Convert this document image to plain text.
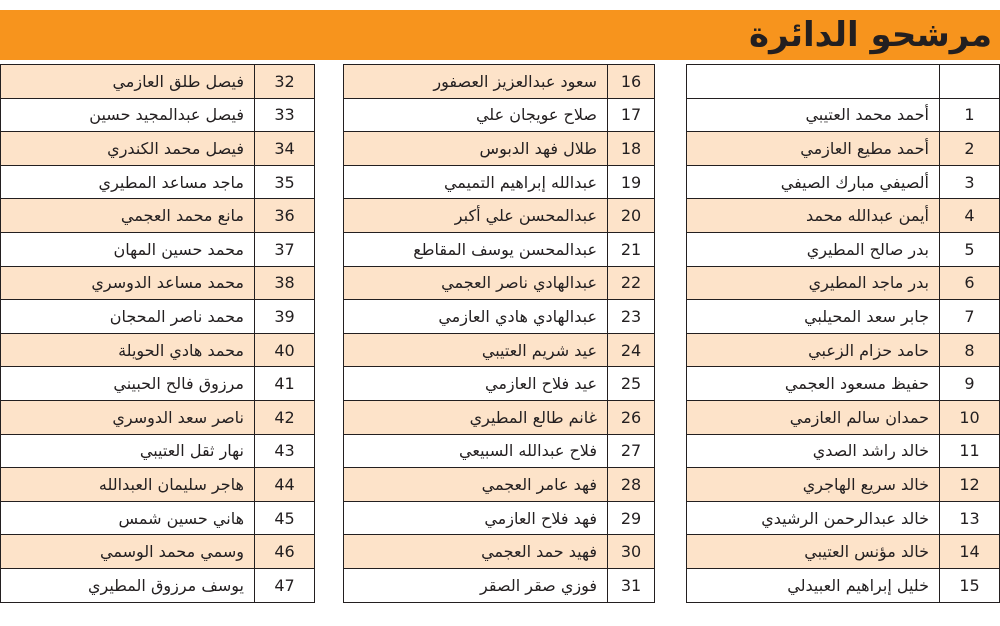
مرشحو الدائرة

أحمد محمد العتيبي	1
أحمد مطيع العازمي	2
ألصيفي مبارك الصيفي	3
أيمن عبدالله محمد	4
بدر صالح المطيري	5
بدر ماجد المطيري	6
جابر سعد المحيلبي	7
حامد حزام الزعبي	8
حفيظ مسعود العجمي	9
حمدان سالم العازمي	10
خالد راشد الصدي	11
خالد سريع الهاجري	12
خالد عبدالرحمن الرشيدي	13
خالد مؤنس العتيبي	14
خليل إبراهيم العبيدلي	15
سعود عبدالعزيز العصفور	16
صلاح عويجان علي	17
طلال فهد الدبوس	18
عبدالله إبراهيم التميمي	19
عبدالمحسن علي أكبر	20
عبدالمحسن يوسف المقاطع	21
عبدالهادي ناصر العجمي	22
عبدالهادي هادي العازمي	23
عيد شريم العتيبي	24
عيد فلاح العازمي	25
غانم طالع المطيري	26
فلاح عبدالله السبيعي	27
فهد عامر العجمي	28
فهد فلاح العازمي	29
فهيد حمد العجمي	30
فوزي صقر الصقر	31
فيصل طلق العازمي	32
فيصل عبدالمجيد حسين	33
فيصل محمد الكندري	34
ماجد مساعد المطيري	35
مانع محمد العجمي	36
محمد حسين المهان	37
محمد مساعد الدوسري	38
محمد ناصر المحجان	39
محمد هادي الحويلة	40
مرزوق فالح الحبيني	41
ناصر سعد الدوسري	42
نهار ثقل العتيبي	43
هاجر سليمان العبدالله	44
هاني حسين شمس	45
وسمي محمد الوسمي	46
يوسف مرزوق المطيري	47
